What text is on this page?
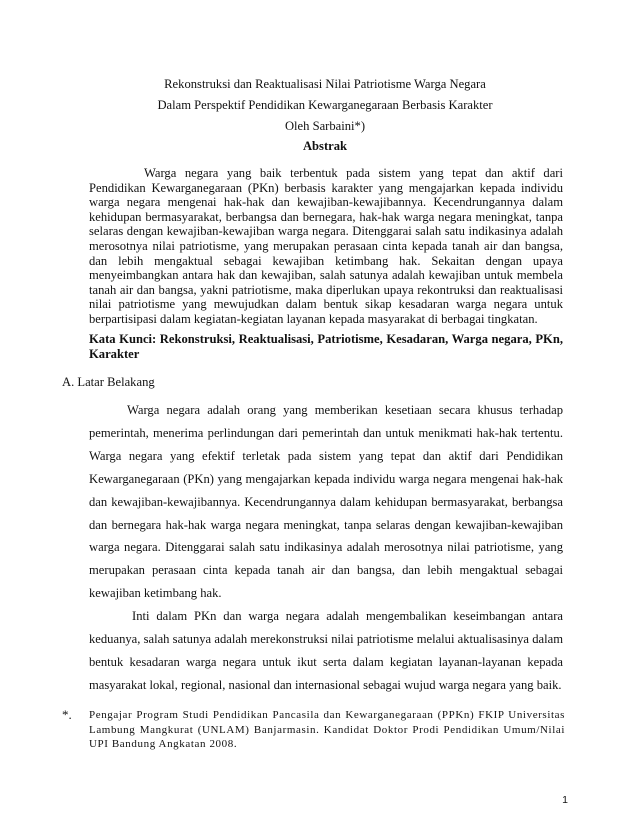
Rekonstruksi dan Reaktualisasi Nilai Patriotisme Warga Negara
Dalam Perspektif Pendidikan Kewarganegaraan Berbasis Karakter
Oleh Sarbaini*)
Abstrak

Warga negara yang baik terbentuk pada sistem yang tepat dan aktif dari Pendidikan Kewarganegaraan (PKn) berbasis karakter yang mengajarkan kepada individu warga negara mengenai hak-hak dan kewajiban-kewajibannya. Kecendrungannya dalam kehidupan bermasyarakat, berbangsa dan bernegara, hak-hak warga negara meningkat, tanpa selaras dengan kewajiban-kewajiban warga negara. Ditenggarai salah satu indikasinya adalah merosotnya nilai patriotisme, yang merupakan perasaan cinta kepada tanah air dan bangsa, dan lebih mengaktual sebagai kewajiban ketimbang hak. Sekaitan dengan upaya menyeimbangkan antara hak dan kewajiban, salah satunya adalah kewajiban untuk membela tanah air dan bangsa, yakni patriotisme, maka diperlukan upaya rekontruksi dan reaktualisasi nilai patriotisme yang mewujudkan dalam bentuk sikap kesadaran warga negara untuk berpartisipasi dalam kegiatan-kegiatan layanan kepada masyarakat di berbagai tingkatan.

Kata Kunci: Rekonstruksi, Reaktualisasi, Patriotisme, Kesadaran, Warga negara, PKn, Karakter

A. Latar Belakang

Warga negara adalah orang yang memberikan kesetiaan secara khusus terhadap pemerintah, menerima perlindungan dari pemerintah dan untuk menikmati hak-hak tertentu. Warga negara yang efektif terletak pada sistem yang tepat dan aktif dari Pendidikan Kewarganegaraan (PKn) yang mengajarkan kepada individu warga negara mengenai hak-hak dan kewajiban-kewajibannya. Kecendrungannya dalam kehidupan bermasyarakat, berbangsa dan bernegara hak-hak warga negara meningkat, tanpa selaras dengan kewajiban-kewajiban warga negara. Ditenggarai salah satu indikasinya adalah merosotnya nilai patriotisme, yang merupakan perasaan cinta kepada tanah air dan bangsa, dan lebih mengaktual sebagai kewajiban ketimbang hak.

Inti dalam PKn dan warga negara adalah mengembalikan keseimbangan antara keduanya, salah satunya adalah merekonstruksi nilai patriotisme melalui aktualisasinya dalam bentuk kesadaran warga negara untuk ikut serta dalam kegiatan layanan-layanan kepada masyarakat lokal, regional, nasional dan internasional sebagai wujud warga negara yang baik.

*. Pengajar Program Studi Pendidikan Pancasila dan Kewarganegaraan (PPKn) FKIP Universitas Lambung Mangkurat (UNLAM) Banjarmasin. Kandidat Doktor Prodi Pendidikan Umum/Nilai UPI Bandung Angkatan 2008.
1
